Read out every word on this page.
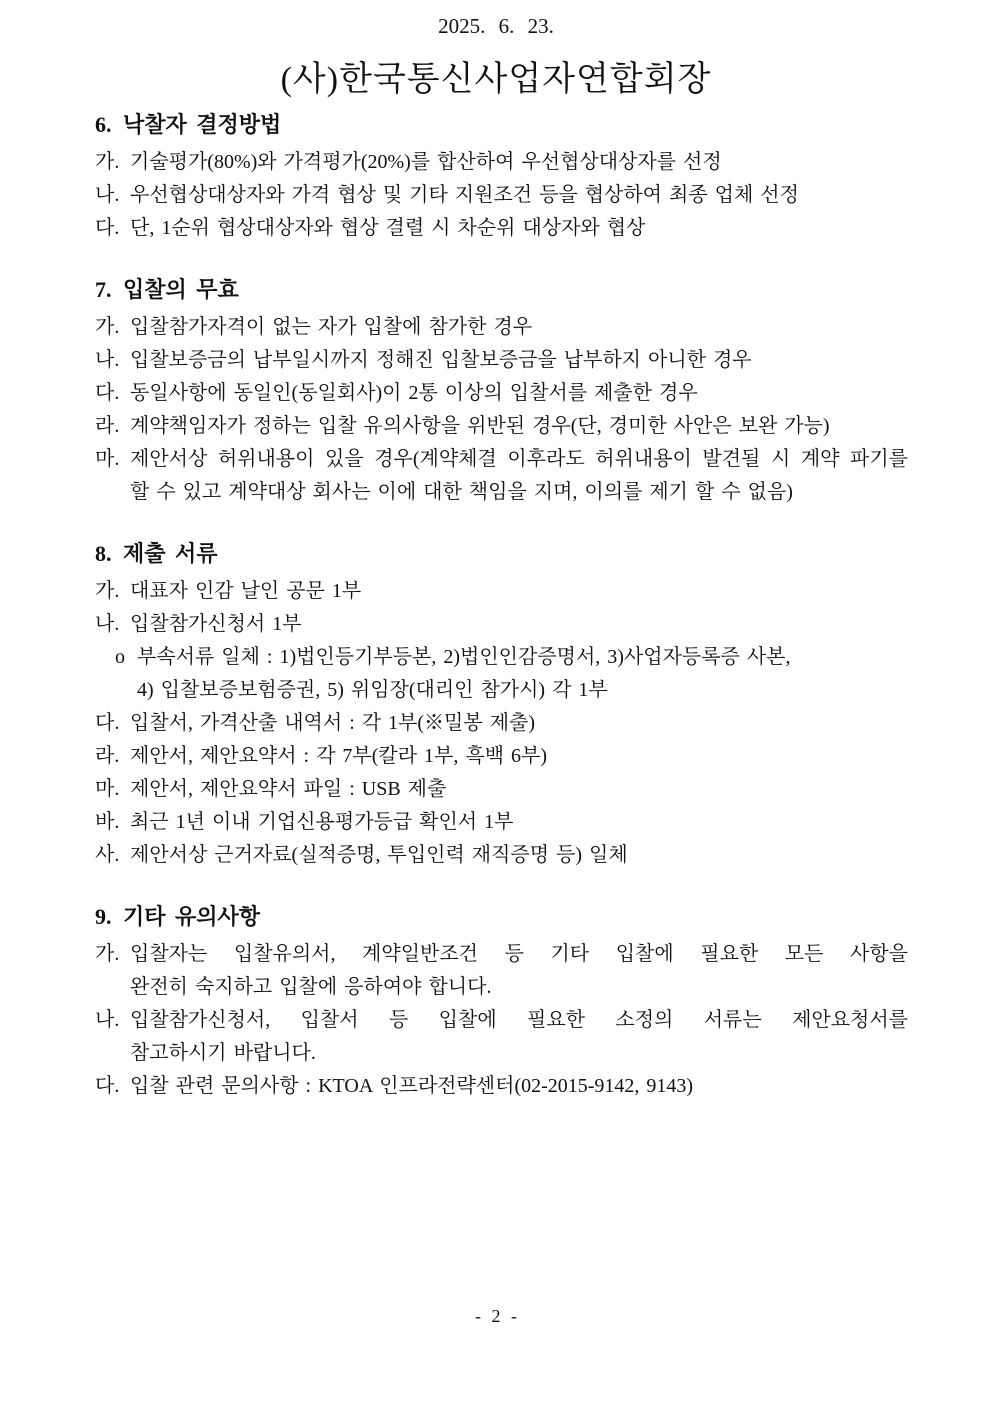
6. 낙찰자 결정방법
가. 기술평가(80%)와 가격평가(20%)를 합산하여 우선협상대상자를 선정
나. 우선협상대상자와 가격 협상 및 기타 지원조건 등을 협상하여 최종 업체 선정
다. 단, 1순위 협상대상자와 협상 결렬 시 차순위 대상자와 협상
7. 입찰의 무효
가. 입찰참가자격이 없는 자가 입찰에 참가한 경우
나. 입찰보증금의 납부일시까지 정해진 입찰보증금을 납부하지 아니한 경우
다. 동일사항에 동일인(동일회사)이 2통 이상의 입찰서를 제출한 경우
라. 계약책임자가 정하는 입찰 유의사항을 위반된 경우(단, 경미한 사안은 보완 가능)
마. 제안서상 허위내용이 있을 경우(계약체결 이후라도 허위내용이 발견될 시 계약 파기를
할 수 있고 계약대상 회사는 이에 대한 책임을 지며, 이의를 제기 할 수 없음)
8. 제출 서류
가. 대표자 인감 날인 공문 1부
나. 입찰참가신청서 1부
o 부속서류 일체 : 1)법인등기부등본, 2)법인인감증명서, 3)사업자등록증 사본,
4) 입찰보증보험증권, 5) 위임장(대리인 참가시) 각 1부
다. 입찰서, 가격산출 내역서 : 각 1부(※밀봉 제출)
라. 제안서, 제안요약서 : 각 7부(칼라 1부, 흑백 6부)
마. 제안서, 제안요약서 파일 : USB 제출
바. 최근 1년 이내 기업신용평가등급 확인서 1부
사. 제안서상 근거자료(실적증명, 투입인력 재직증명 등) 일체
9. 기타 유의사항
가. 입찰자는 입찰유의서, 계약일반조건 등 기타 입찰에 필요한 모든 사항을
완전히 숙지하고 입찰에 응하여야 합니다.
나. 입찰참가신청서, 입찰서 등 입찰에 필요한 소정의 서류는 제안요청서를
참고하시기 바랍니다.
다. 입찰 관련 문의사항 : KTOA 인프라전략센터(02-2015-9142, 9143)
2025. 6. 23.
(사)한국통신사업자연합회장
- 2 -
